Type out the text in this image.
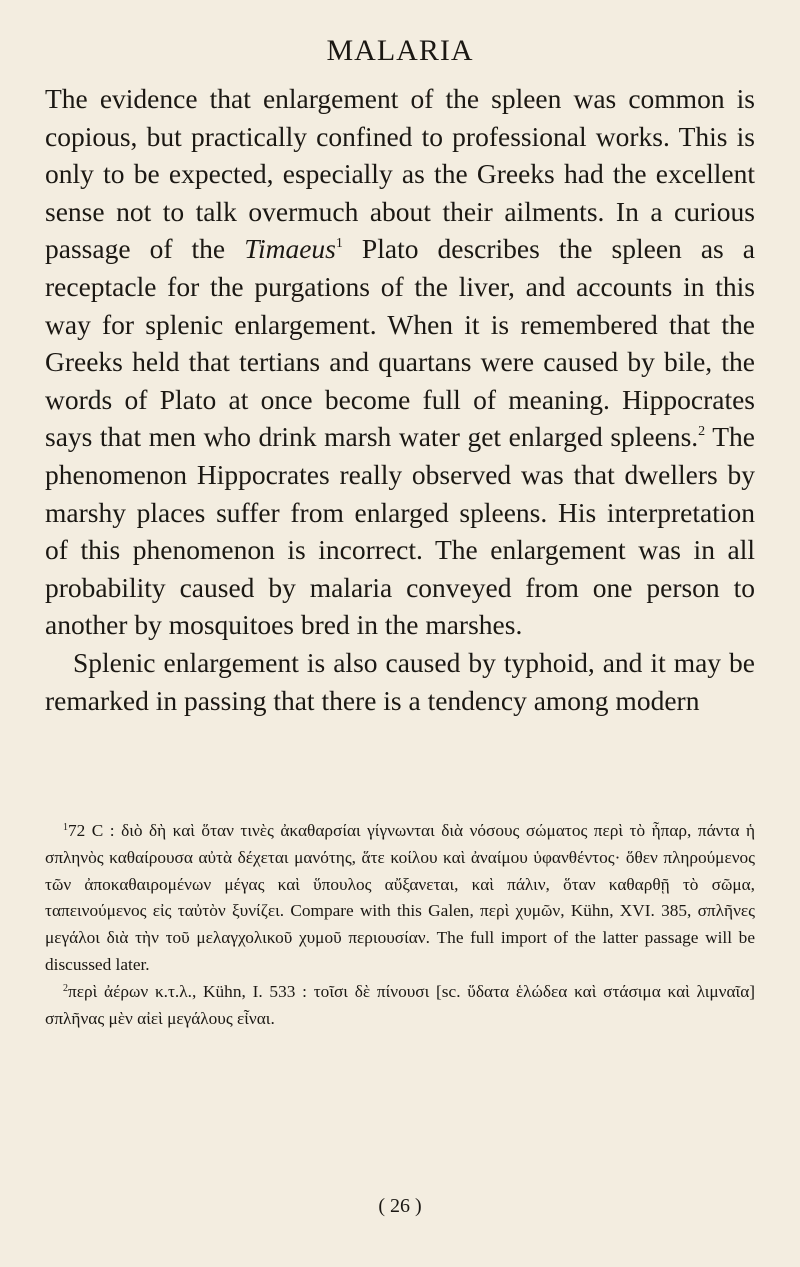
MALARIA

The evidence that enlargement of the spleen was common is copious, but practically confined to professional works. This is only to be expected, especially as the Greeks had the excellent sense not to talk overmuch about their ailments. In a curious passage of the Timaeus$^1$ Plato describes the spleen as a receptacle for the purgations of the liver, and accounts in this way for splenic enlargement. When it is remembered that the Greeks held that tertians and quartans were caused by bile, the words of Plato at once become full of meaning. Hippocrates says that men who drink marsh water get enlarged spleens.$^2$ The phenomenon Hippocrates really observed was that dwellers by marshy places suffer from enlarged spleens. His interpretation of this phenomenon is incorrect. The enlargement was in all probability caused by malaria conveyed from one person to another by mosquitoes bred in the marshes.

Splenic enlargement is also caused by typhoid, and it may be remarked in passing that there is a tendency among modern

$^1$72 C : διὸ δὴ καὶ ὅταν τινὲς ἀκαθαρσίαι γίγνωνται διὰ νόσους σώματος περὶ τὸ ἧπαρ, πάντα ἡ σπληνὸς καθαίρουσα αὐτὰ δέχεται μανότης, ἅτε κοίλου καὶ ἀναίμου ὑφανθέντος· ὅθεν πληρούμενος τῶν ἀποκαθαιρομένων μέγας καὶ ὕπουλος αὔξανεται, καὶ πάλιν, ὅταν καθαρθῇ τὸ σῶμα, ταπεινούμενος εἰς ταὐτὸν ξυνίζει. Compare with this Galen, περὶ χυμῶν, Kühn, XVI. 385, σπλῆνες μεγάλοι διὰ τὴν τοῦ μελαγχολικοῦ χυμοῦ περιουσίαν. The full import of the latter passage will be discussed later.

$^2$περὶ ἀέρων κ.τ.λ., Kühn, I. 533 : τοῖσι δὲ πίνουσι [sc. ὕδατα ἑλώδεα καὶ στάσιμα καὶ λιμναῖα] σπλῆνας μὲν αἰεὶ μεγάλους εἶναι.

( 26 )
